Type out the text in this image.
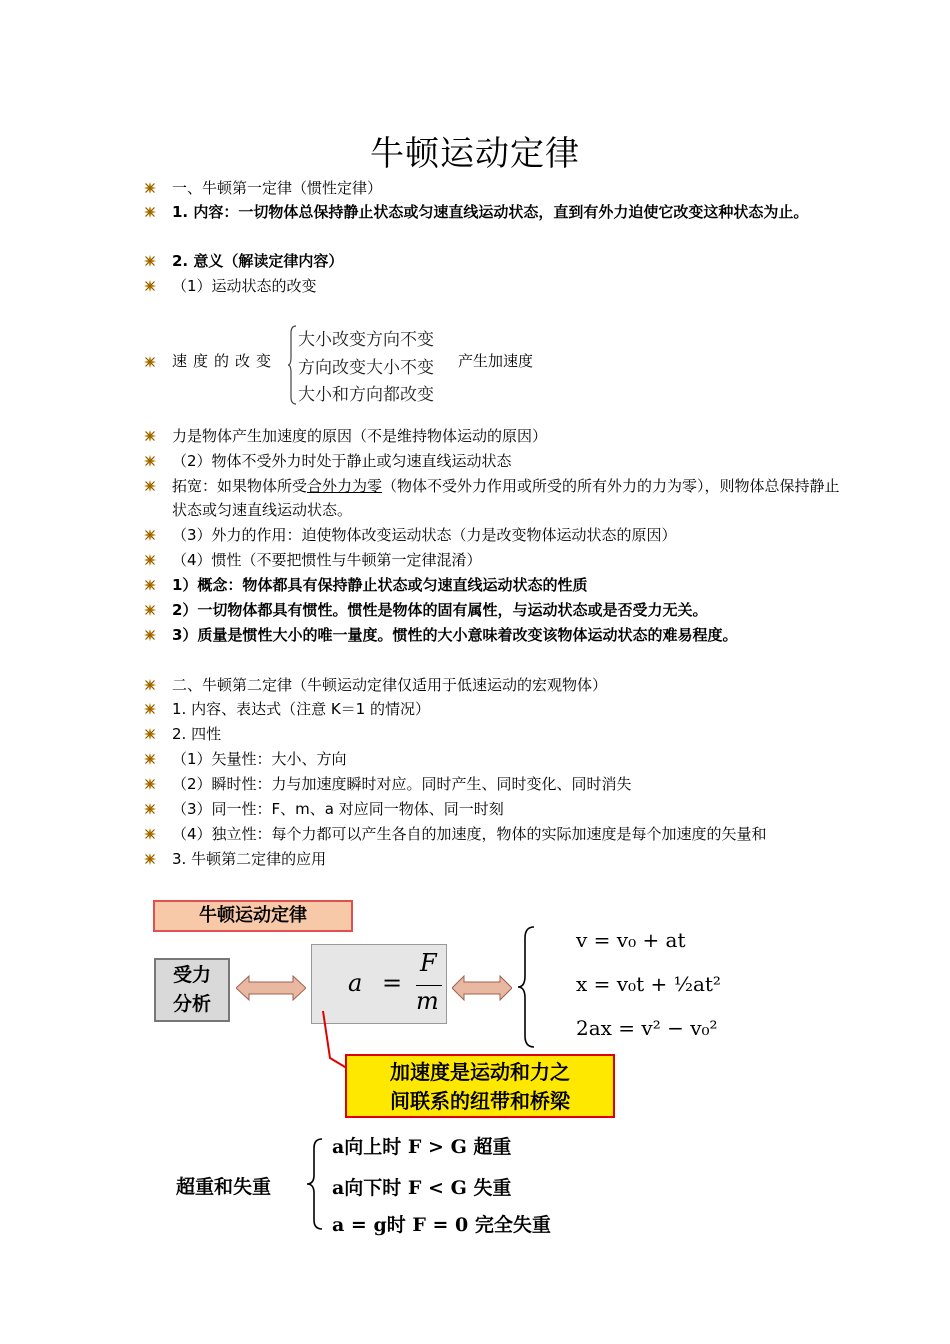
牛顿运动定律
一、牛顿第一定律（惯性定律）
1. 内容：一切物体总保持静止状态或匀速直线运动状态，直到有外力迫使它改变这种状态为止。
2. 意义（解读定律内容）
（1）运动状态的改变
速度的改变
大小改变方向不变
方向改变大小不变
大小和方向都改变
产生加速度
力是物体产生加速度的原因（不是维持物体运动的原因）
（2）物体不受外力时处于静止或匀速直线运动状态
拓宽：如果物体所受合外力为零（物体不受外力作用或所受的所有外力的力为零），则物体总保持静止状态或匀速直线运动状态。
（3）外力的作用：迫使物体改变运动状态（力是改变物体运动状态的原因）
（4）惯性（不要把惯性与牛顿第一定律混淆）
1）概念：物体都具有保持静止状态或匀速直线运动状态的性质
2）一切物体都具有惯性。惯性是物体的固有属性，与运动状态或是否受力无关。
3）质量是惯性大小的唯一量度。惯性的大小意味着改变该物体运动状态的难易程度。
二、牛顿第二定律（牛顿运动定律仅适用于低速运动的宏观物体）
1. 内容、表达式（注意 K＝1 的情况）
2. 四性
（1）矢量性：大小、方向
（2）瞬时性：力与加速度瞬时对应。同时产生、同时变化、同时消失
（3）同一性：F、m、a 对应同一物体、同一时刻
（4）独立性：每个力都可以产生各自的加速度，物体的实际加速度是每个加速度的矢量和
3. 牛顿第二定律的应用
牛顿运动定律
受力
分析
a =
F
m
v = v₀ + at
x = v₀t + ½at²
2ax = v² − v₀²
加速度是运动和力之
间联系的纽带和桥梁
超重和失重
a向上时 F > G 超重
a向下时 F < G 失重
a = g时 F = 0 完全失重
